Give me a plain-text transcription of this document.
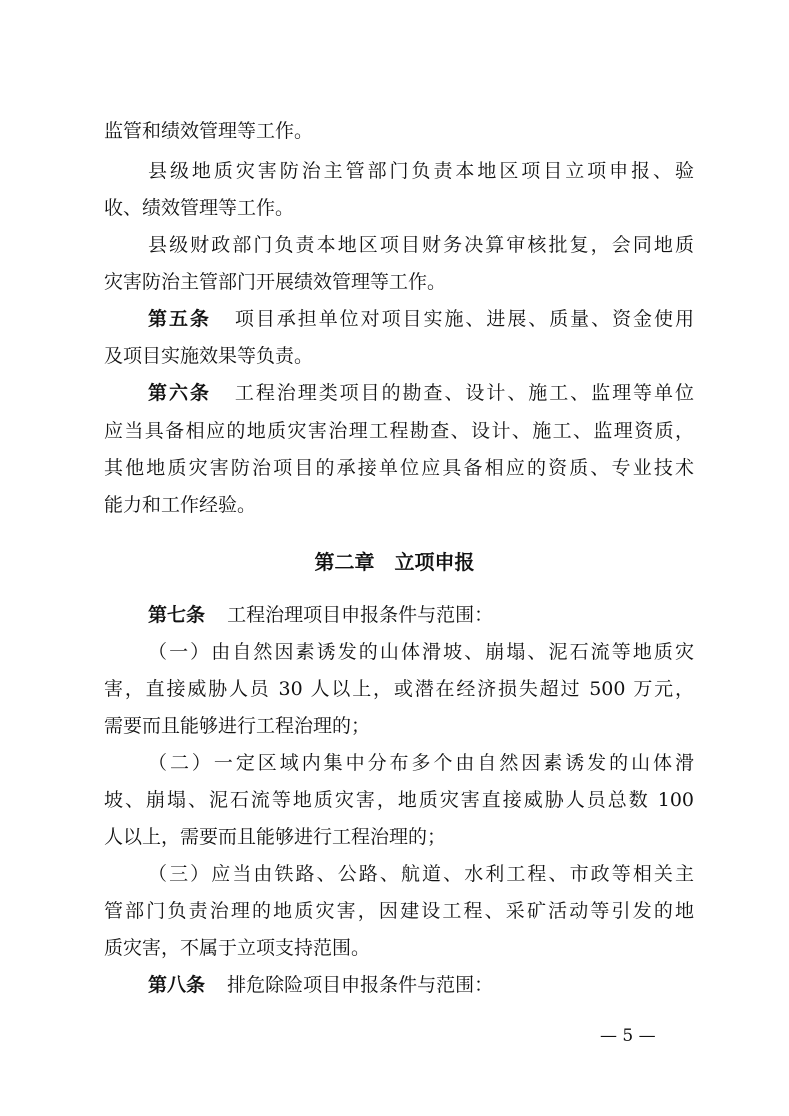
监管和绩效管理等工作。
县级地质灾害防治主管部门负责本地区项目立项申报、验
收、绩效管理等工作。
县级财政部门负责本地区项目财务决算审核批复，会同地质
灾害防治主管部门开展绩效管理等工作。
第五条 项目承担单位对项目实施、进展、质量、资金使用
及项目实施效果等负责。
第六条 工程治理类项目的勘查、设计、施工、监理等单位
应当具备相应的地质灾害治理工程勘查、设计、施工、监理资质，
其他地质灾害防治项目的承接单位应具备相应的资质、专业技术
能力和工作经验。
第二章 立项申报
第七条 工程治理项目申报条件与范围：
（一）由自然因素诱发的山体滑坡、崩塌、泥石流等地质灾
害，直接威胁人员 30 人以上，或潜在经济损失超过 500 万元，
需要而且能够进行工程治理的；
（二）一定区域内集中分布多个由自然因素诱发的山体滑
坡、崩塌、泥石流等地质灾害，地质灾害直接威胁人员总数 100
人以上，需要而且能够进行工程治理的；
（三）应当由铁路、公路、航道、水利工程、市政等相关主
管部门负责治理的地质灾害，因建设工程、采矿活动等引发的地
质灾害，不属于立项支持范围。
第八条 排危除险项目申报条件与范围：
— 5 —
